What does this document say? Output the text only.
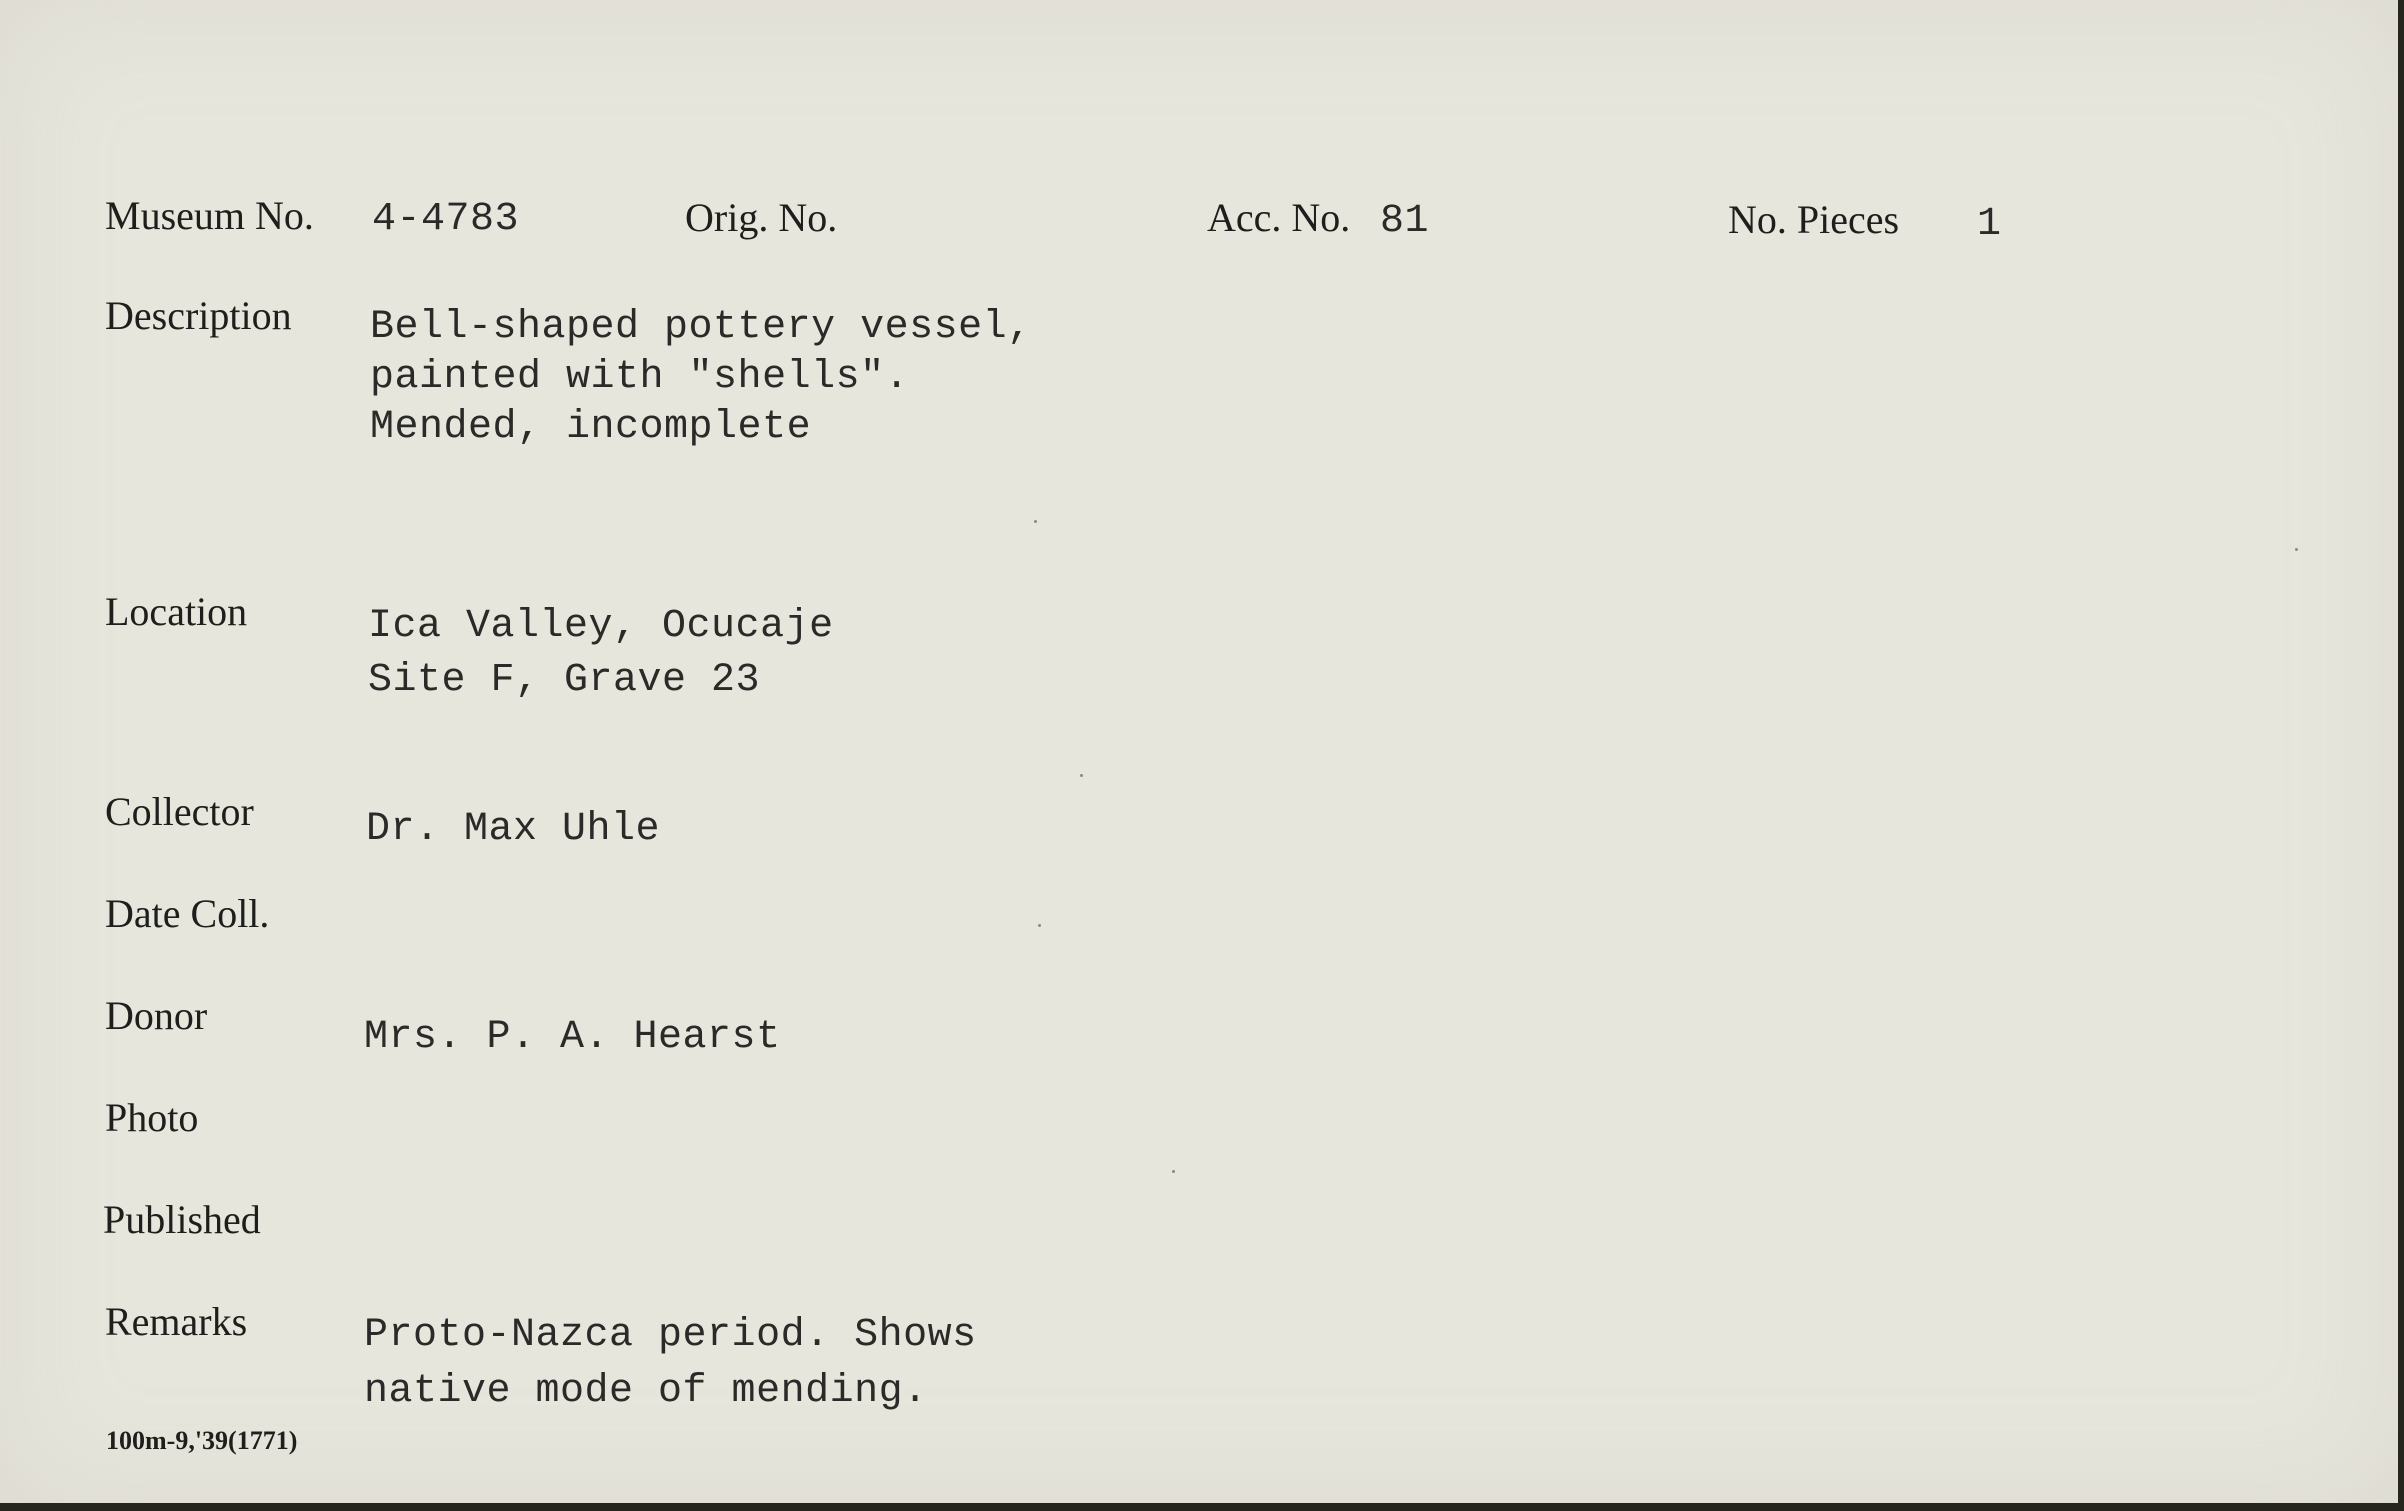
Museum No. 4-4783	Orig. No.	Acc. No. 81	No. Pieces 1
Description Bell-shaped pottery vessel,
painted with "shells".
Mended, incomplete
Location	Ica Valley, Ocucaje
Site F, Grave 23
Collector	Dr. Max Uhle
Date Coll.
Donor	Mrs. P. A. Hearst
Photo
Published
Remarks	Proto-Nazca period. Shows
native mode of mending.
100m-9,'39(1771)
